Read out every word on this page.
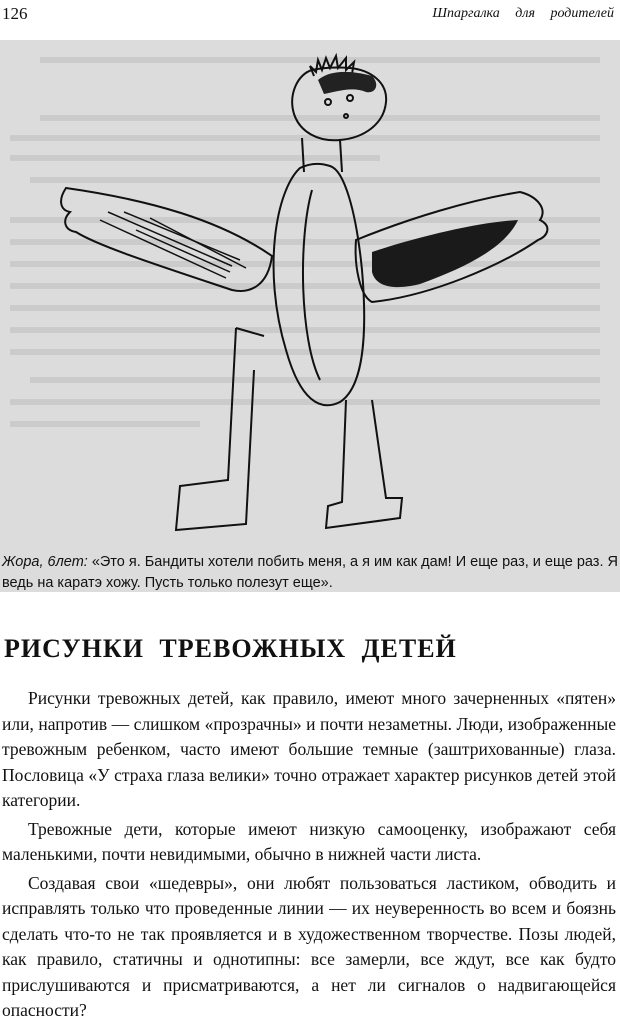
126	Шпаргалка для родителей
Жора, 6лет: «Это я. Бандиты хотели побить меня, а я им как дам! И еще раз, и еще раз. Я ведь на каратэ хожу. Пусть только полезут еще».
РИСУНКИ ТРЕВОЖНЫХ ДЕТЕЙ

Рисунки тревожных детей, как правило, имеют много зачерненных «пятен» или, напротив — слишком «прозрачны» и почти незаметны. Люди, изображенные тревожным ребенком, часто имеют большие темные (заштрихованные) глаза. Пословица «У страха глаза велики» точно отражает характер рисунков детей этой категории.

Тревожные дети, которые имеют низкую самооценку, изображают себя маленькими, почти невидимыми, обычно в нижней части листа.

Создавая свои «шедевры», они любят пользоваться ластиком, обводить и исправлять только что проведенные линии — их неуверенность во всем и боязнь сделать что-то не так проявляется и в художественном творчестве. Позы людей, как правило, статичны и однотипны: все замерли, все ждут, все как будто прислушиваются и присматриваются, а нет ли сигналов о надвигающейся опасности?
